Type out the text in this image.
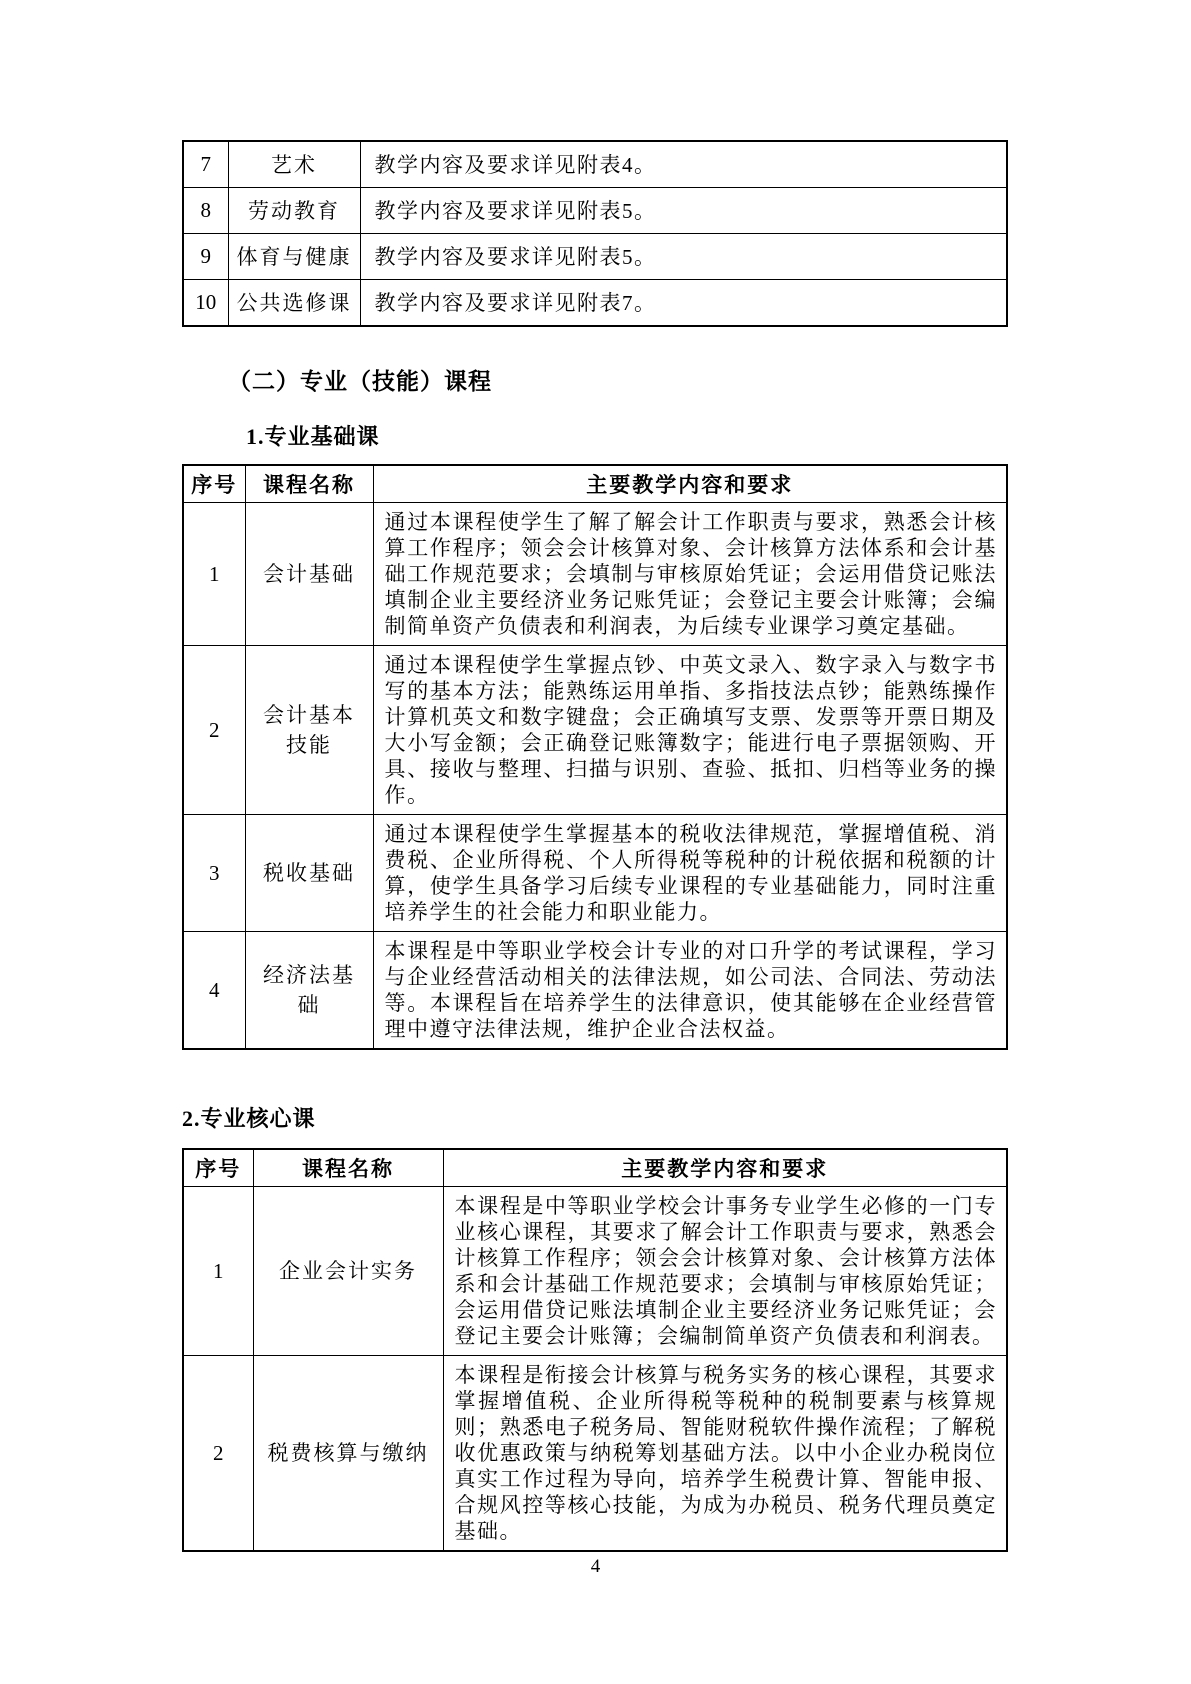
7	艺术	教学内容及要求详见附表4。
8	劳动教育	教学内容及要求详见附表5。
9	体育与健康	教学内容及要求详见附表5。
10	公共选修课	教学内容及要求详见附表7。
（二）专业（技能）课程
1.专业基础课
序号	课程名称	主要教学内容和要求
1	会计基础	通过本课程使学生了解了解会计工作职责与要求，熟悉会计核算工作程序；领会会计核算对象、会计核算方法体系和会计基础工作规范要求；会填制与审核原始凭证；会运用借贷记账法填制企业主要经济业务记账凭证；会登记主要会计账簿；会编制简单资产负债表和利润表，为后续专业课学习奠定基础。
2	会计基本技能	通过本课程使学生掌握点钞、中英文录入、数字录入与数字书写的基本方法；能熟练运用单指、多指技法点钞；能熟练操作计算机英文和数字键盘；会正确填写支票、发票等开票日期及大小写金额；会正确登记账簿数字；能进行电子票据领购、开具、接收与整理、扫描与识别、查验、抵扣、归档等业务的操作。
3	税收基础	通过本课程使学生掌握基本的税收法律规范，掌握增值税、消费税、企业所得税、个人所得税等税种的计税依据和税额的计算，使学生具备学习后续专业课程的专业基础能力，同时注重培养学生的社会能力和职业能力。
4	经济法基础	本课程是中等职业学校会计专业的对口升学的考试课程，学习与企业经营活动相关的法律法规，如公司法、合同法、劳动法等。本课程旨在培养学生的法律意识，使其能够在企业经营管理中遵守法律法规，维护企业合法权益。
2.专业核心课
序号	课程名称	主要教学内容和要求
1	企业会计实务	本课程是中等职业学校会计事务专业学生必修的一门专业核心课程，其要求了解会计工作职责与要求，熟悉会计核算工作程序；领会会计核算对象、会计核算方法体系和会计基础工作规范要求；会填制与审核原始凭证；会运用借贷记账法填制企业主要经济业务记账凭证；会登记主要会计账簿；会编制简单资产负债表和利润表。
2	税费核算与缴纳	本课程是衔接会计核算与税务实务的核心课程，其要求掌握增值税、企业所得税等税种的税制要素与核算规则；熟悉电子税务局、智能财税软件操作流程；了解税收优惠政策与纳税筹划基础方法。以中小企业办税岗位真实工作过程为导向，培养学生税费计算、智能申报、合规风控等核心技能，为成为办税员、税务代理员奠定基础。
4
